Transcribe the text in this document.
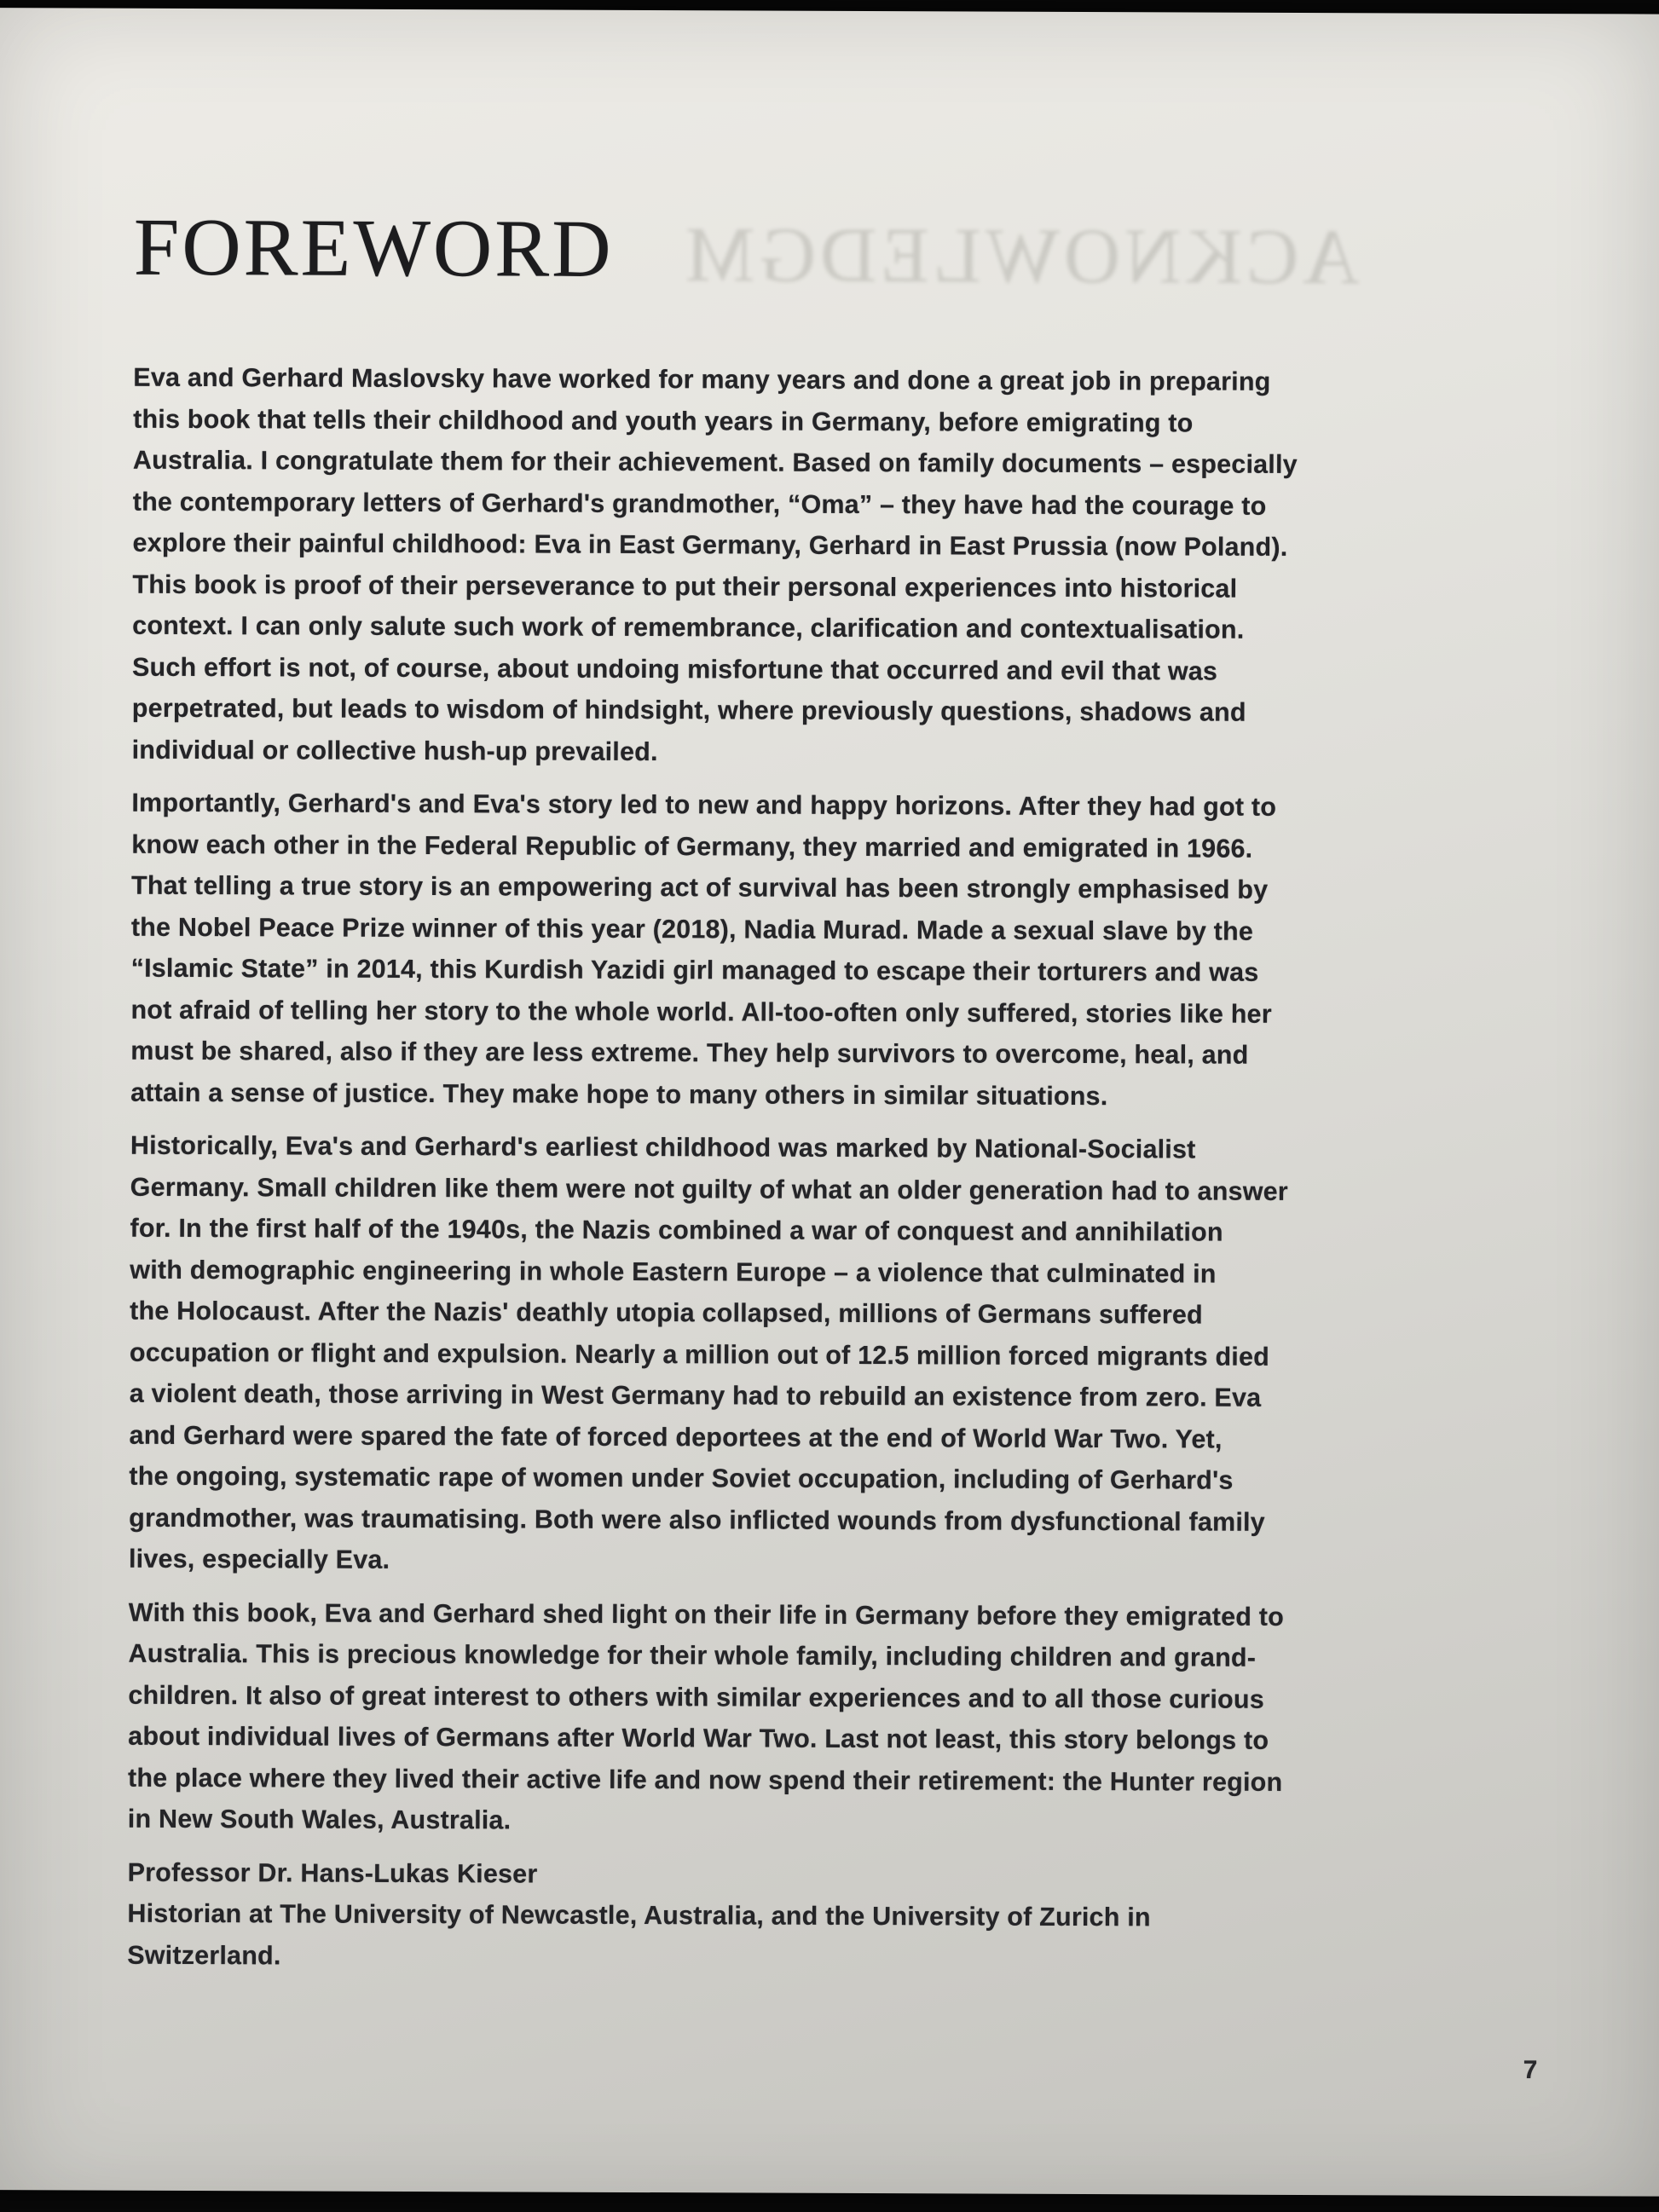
ACKNOWLEDGM
FOREWORD

Eva and Gerhard Maslovsky have worked for many years and done a great job in preparing
this book that tells their childhood and youth years in Germany, before emigrating to
Australia. I congratulate them for their achievement. Based on family documents – especially
the contemporary letters of Gerhard's grandmother, “Oma” – they have had the courage to
explore their painful childhood: Eva in East Germany, Gerhard in East Prussia (now Poland).
This book is proof of their perseverance to put their personal experiences into historical
context. I can only salute such work of remembrance, clarification and contextualisation.
Such effort is not, of course, about undoing misfortune that occurred and evil that was
perpetrated, but leads to wisdom of hindsight, where previously questions, shadows and
individual or collective hush-up prevailed.

Importantly, Gerhard's and Eva's story led to new and happy horizons. After they had got to
know each other in the Federal Republic of Germany, they married and emigrated in 1966.
That telling a true story is an empowering act of survival has been strongly emphasised by
the Nobel Peace Prize winner of this year (2018), Nadia Murad. Made a sexual slave by the
“Islamic State” in 2014, this Kurdish Yazidi girl managed to escape their torturers and was
not afraid of telling her story to the whole world. All-too-often only suffered, stories like her
must be shared, also if they are less extreme. They help survivors to overcome, heal, and
attain a sense of justice. They make hope to many others in similar situations.

Historically, Eva's and Gerhard's earliest childhood was marked by National-Socialist
Germany. Small children like them were not guilty of what an older generation had to answer
for. In the first half of the 1940s, the Nazis combined a war of conquest and annihilation
with demographic engineering in whole Eastern Europe – a violence that culminated in
the Holocaust. After the Nazis' deathly utopia collapsed, millions of Germans suffered
occupation or flight and expulsion. Nearly a million out of 12.5 million forced migrants died
a violent death, those arriving in West Germany had to rebuild an existence from zero. Eva
and Gerhard were spared the fate of forced deportees at the end of World War Two. Yet,
the ongoing, systematic rape of women under Soviet occupation, including of Gerhard's
grandmother, was traumatising. Both were also inflicted wounds from dysfunctional family
lives, especially Eva.

With this book, Eva and Gerhard shed light on their life in Germany before they emigrated to
Australia. This is precious knowledge for their whole family, including children and grand-
children. It also of great interest to others with similar experiences and to all those curious
about individual lives of Germans after World War Two. Last not least, this story belongs to
the place where they lived their active life and now spend their retirement: the Hunter region
in New South Wales, Australia.

Professor Dr. Hans-Lukas Kieser
Historian at The University of Newcastle, Australia, and the University of Zurich in
Switzerland.

7
